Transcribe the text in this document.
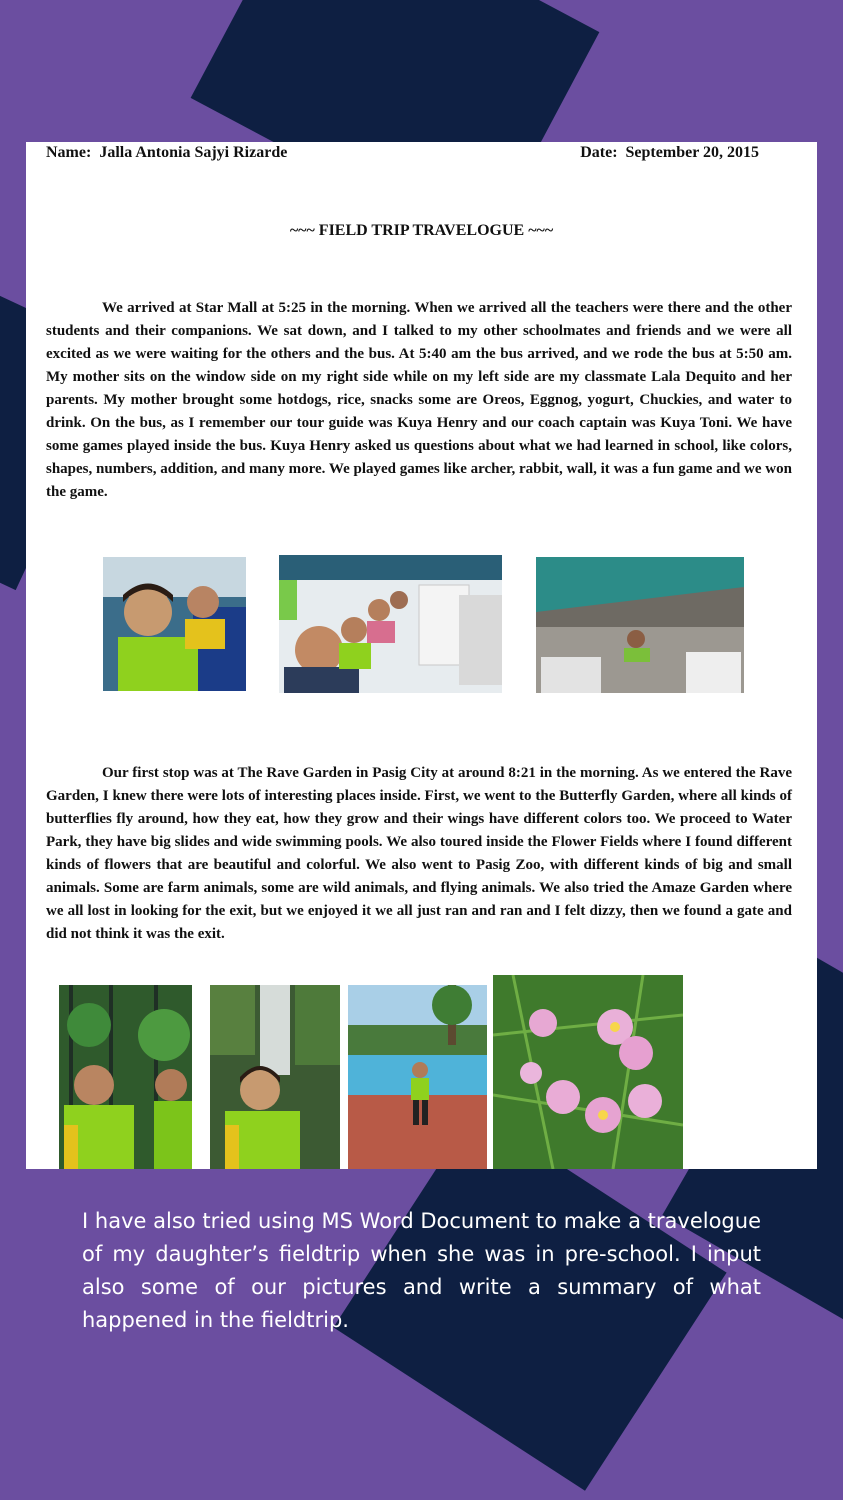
Name: Jalla Antonia Sajyi Rizarde	Date: September 20, 2015
~~~ FIELD TRIP TRAVELOGUE ~~~

We arrived at Star Mall at 5:25 in the morning. When we arrived all the teachers were there and the other students and their companions. We sat down, and I talked to my other schoolmates and friends and we were all excited as we were waiting for the others and the bus. At 5:40 am the bus arrived, and we rode the bus at 5:50 am. My mother sits on the window side on my right side while on my left side are my classmate Lala Dequito and her parents. My mother brought some hotdogs, rice, snacks some are Oreos, Eggnog, yogurt, Chuckies, and water to drink. On the bus, as I remember our tour guide was Kuya Henry and our coach captain was Kuya Toni. We have some games played inside the bus. Kuya Henry asked us questions about what we had learned in school, like colors, shapes, numbers, addition, and many more. We played games like archer, rabbit, wall, it was a fun game and we won the game.

Our first stop was at The Rave Garden in Pasig City at around 8:21 in the morning. As we entered the Rave Garden, I knew there were lots of interesting places inside. First, we went to the Butterfly Garden, where all kinds of butterflies fly around, how they eat, how they grow and their wings have different colors too. We proceed to Water Park, they have big slides and wide swimming pools. We also toured inside the Flower Fields where I found different kinds of flowers that are beautiful and colorful. We also went to Pasig Zoo, with different kinds of big and small animals. Some are farm animals, some are wild animals, and flying animals. We also tried the Amaze Garden where we all lost in looking for the exit, but we enjoyed it we all just ran and ran and I felt dizzy, then we found a gate and did not think it was the exit.

I have also tried using MS Word Document to make a travelogue of my daughter’s fieldtrip when she was in pre-school. I input also some of our pictures and write a summary of what happened in the fieldtrip.
